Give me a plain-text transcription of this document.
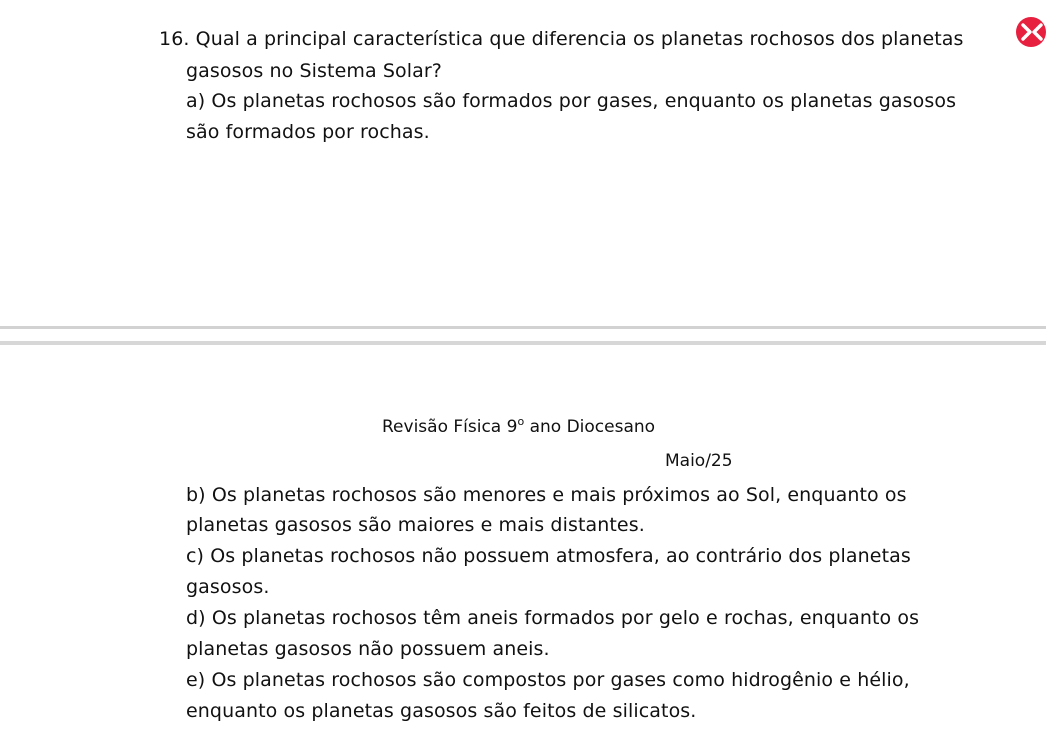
16. Qual a principal característica que diferencia os planetas rochosos dos planetas
gasosos no Sistema Solar?
a) Os planetas rochosos são formados por gases, enquanto os planetas gasosos
são formados por rochas.
Revisão Física 9$^o$ ano Diocesano
Maio/25
b) Os planetas rochosos são menores e mais próximos ao Sol, enquanto os
planetas gasosos são maiores e mais distantes.
c) Os planetas rochosos não possuem atmosfera, ao contrário dos planetas
gasosos.
d) Os planetas rochosos têm aneis formados por gelo e rochas, enquanto os
planetas gasosos não possuem aneis.
e) Os planetas rochosos são compostos por gases como hidrogênio e hélio,
enquanto os planetas gasosos são feitos de silicatos.
